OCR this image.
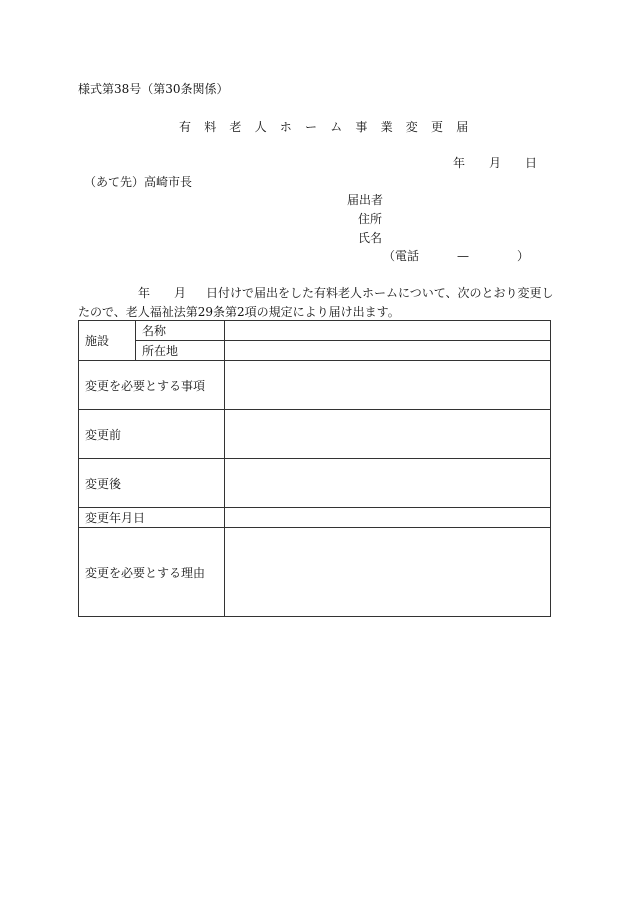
様式第38号（第30条関係）
有料老人ホーム事業変更届
年 月 日
（あて先）高崎市長
届出者
住所
氏名
（電話	—	）
年 月 日付けで届出をした有料老人ホームについて、次のとおり変更し
たので、老人福祉法第29条第2項の規定により届け出ます。
施設	名称	
	所在地	
変更を必要とする事項		
変更前		
変更後		
変更年月日		
変更を必要とする理由		
